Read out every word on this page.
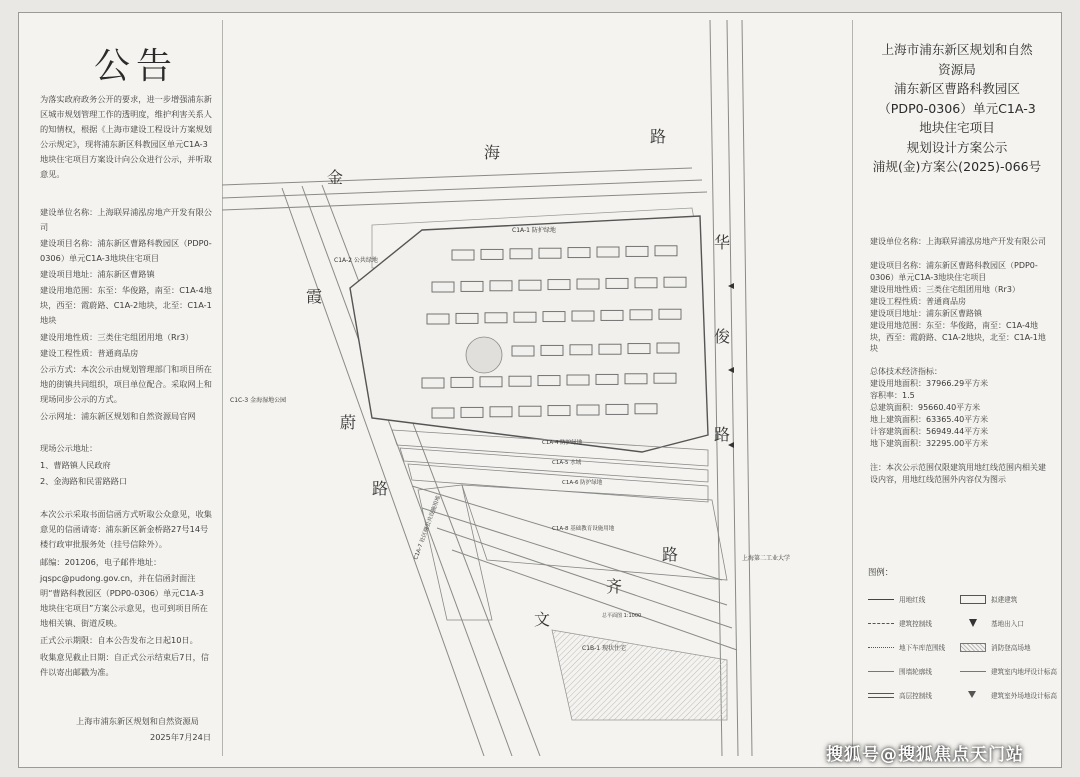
公告
为落实政府政务公开的要求，进一步增强浦东新区城市规划管理工作的透明度，维护利害关系人的知情权，根据《上海市建设工程设计方案规划公示规定》，现将浦东新区科教园区单元C1A-3地块住宅项目方案设计向公众进行公示，并听取意见。
建设单位名称：上海联昇浦泓房地产开发有限公司
建设项目名称：浦东新区曹路科教园区（PDP0-0306）单元C1A-3地块住宅项目
建设项目地址：浦东新区曹路镇
建设用地范围：东至：华俊路，南至：C1A-4地块，西至：霞蔚路、C1A-2地块，北至：C1A-1地块
建设用地性质：三类住宅组团用地（Rr3）
建设工程性质：普通商品房
公示方式：本次公示由规划管理部门和项目所在地的街镇共同组织，项目单位配合。采取网上和现场同步公示的方式。
公示网址：浦东新区规划和自然资源局官网
现场公示地址：
1、曹路镇人民政府
2、金海路和民雷路路口
本次公示采取书面信函方式听取公众意见，收集意见的信函请寄：浦东新区新金桥路27号14号楼行政审批服务处（挂号信除外）。
邮编：201206，电子邮件地址：
jqspc@pudong.gov.cn，并在信函封面注明“曹路科教园区（PDP0-0306）单元C1A-3地块住宅项目”方案公示意见，也可到项目所在地相关镇、街道反映。
正式公示期限：自本公告发布之日起10日。
收集意见截止日期：自正式公示结束后7日，信件以寄出邮戳为准。
上海市浦东新区规划和自然资源局
2025年7月24日
上海市浦东新区规划和自然
资源局
浦东新区曹路科教园区
（PDP0-0306）单元C1A-3
地块住宅项目
规划设计方案公示
浦规(金)方案公(2025)-066号
建设单位名称：上海联昇浦泓房地产开发有限公司
建设项目名称：浦东新区曹路科教园区（PDP0-0306）单元C1A-3地块住宅项目
建设用地性质：三类住宅组团用地（Rr3）
建设工程性质：普通商品房
建设项目地址：浦东新区曹路镇
建设用地范围：东至：华俊路，南至：C1A-4地块，西至：霞蔚路、C1A-2地块，北至：C1A-1地块
总体技术经济指标：
建设用地面积：37966.29平方米
容积率：1.5
总建筑面积：95660.40平方米
地上建筑面积：63365.40平方米
计容建筑面积：56949.44平方米
地下建筑面积：32295.00平方米
注：本次公示范围仅限建筑用地红线范围内相关建设内容，用地红线范围外内容仅为图示
图例：
用地红线	拟建建筑
建筑控制线	基地出入口
地下车库范围线	消防登高场地
围墙轮廓线	建筑室内地坪设计标高
高层控制线	建筑室外场地设计标高
金
海
路
华
俊
路
霞
蔚
路
路
齐
文
C1A-1 防护绿地
C1A-2 公共绿地
C1C-3 金海湿地公园
C1A-4 防护绿地
C1A-5 水域
C1A-6 防护绿地
C1A-8 基础教育设施用地
C1A-7 社区级公共设施用地
C1B-1 现状住宅
上海第二工业大学
总平面图 1:1000
搜狐号@搜狐焦点天门站
